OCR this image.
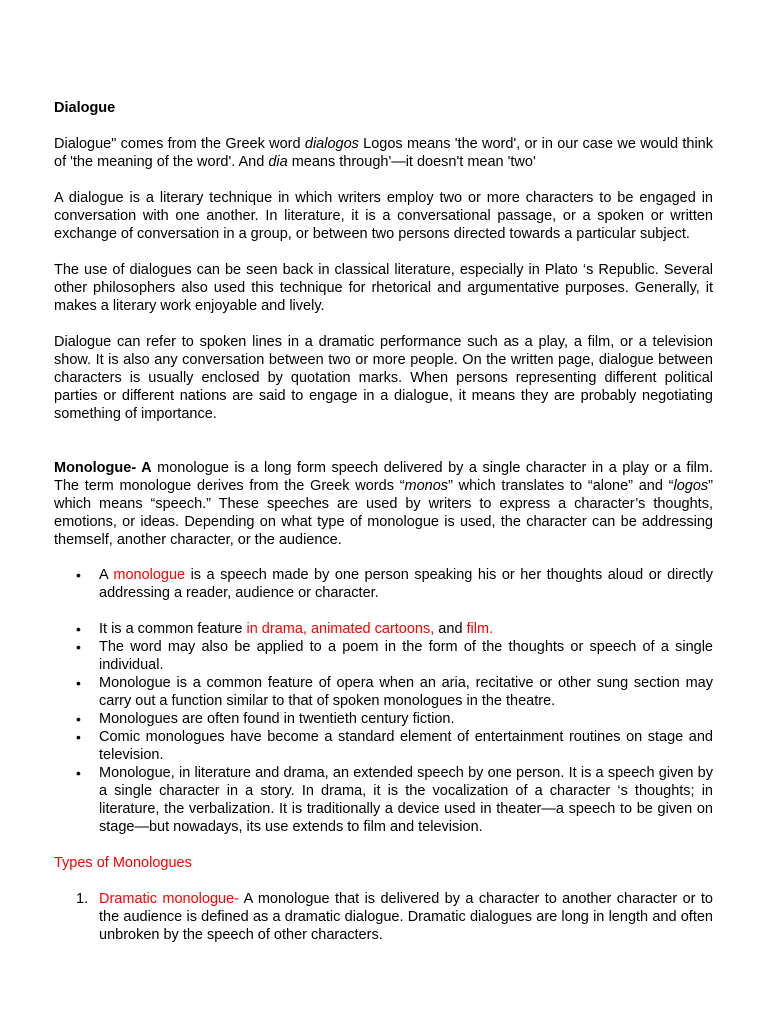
Dialogue

Dialogue" comes from the Greek word dialogos Logos means 'the word', or in our case we would think of 'the meaning of the word'. And dia means through'—it doesn't mean 'two'

A dialogue is a literary technique in which writers employ two or more characters to be engaged in conversation with one another. In literature, it is a conversational passage, or a spoken or written exchange of conversation in a group, or between two persons directed towards a particular subject.

The use of dialogues can be seen back in classical literature, especially in Plato ‘s Republic. Several other philosophers also used this technique for rhetorical and argumentative purposes. Generally, it makes a literary work enjoyable and lively.

Dialogue can refer to spoken lines in a dramatic performance such as a play, a film, or a television show. It is also any conversation between two or more people. On the written page, dialogue between characters is usually enclosed by quotation marks. When persons representing different political parties or different nations are said to engage in a dialogue, it means they are probably negotiating something of importance.

Monologue- A monologue is a long form speech delivered by a single character in a play or a film. The term monologue derives from the Greek words “monos” which translates to “alone” and “logos” which means “speech.” These speeches are used by writers to express a character’s thoughts, emotions, or ideas. Depending on what type of monologue is used, the character can be addressing themself, another character, or the audience.

• A monologue is a speech made by one person speaking his or her thoughts aloud or directly addressing a reader, audience or character.
• It is a common feature in drama, animated cartoons, and film.
• The word may also be applied to a poem in the form of the thoughts or speech of a single individual.
• Monologue is a common feature of opera when an aria, recitative or other sung section may carry out a function similar to that of spoken monologues in the theatre.
• Monologues are often found in twentieth century fiction.
• Comic monologues have become a standard element of entertainment routines on stage and television.
• Monologue, in literature and drama, an extended speech by one person. It is a speech given by a single character in a story. In drama, it is the vocalization of a character ‘s thoughts; in literature, the verbalization. It is traditionally a device used in theater—a speech to be given on stage—but nowadays, its use extends to film and television.

Types of Monologues

1. Dramatic monologue- A monologue that is delivered by a character to another character or to the audience is defined as a dramatic dialogue. Dramatic dialogues are long in length and often unbroken by the speech of other characters.
